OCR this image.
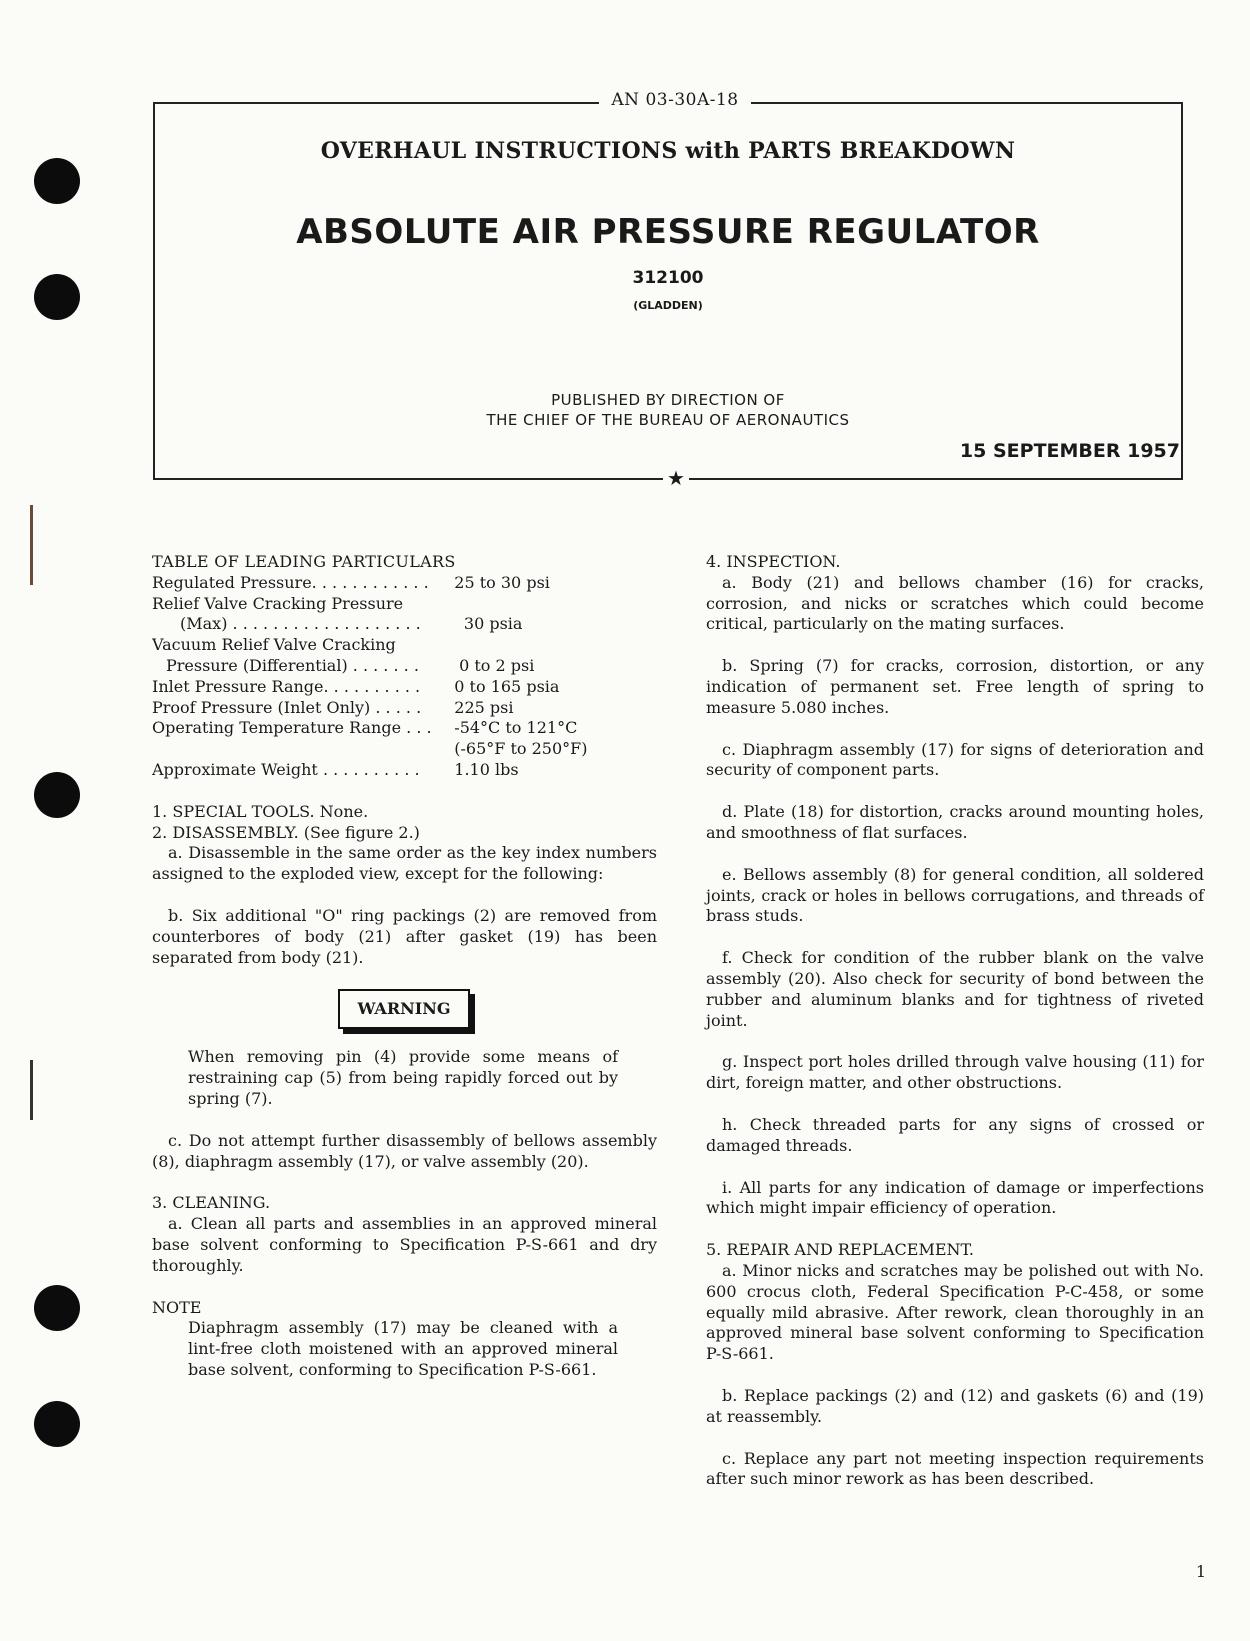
AN 03-30A-18
★
OVERHAUL INSTRUCTIONS with PARTS BREAKDOWN
ABSOLUTE AIR PRESSURE REGULATOR
312100
(GLADDEN)
PUBLISHED BY DIRECTION OF
THE CHIEF OF THE BUREAU OF AERONAUTICS
15 SEPTEMBER 1957

TABLE OF LEADING PARTICULARS

Regulated Pressure. . . . . . . . . . . .	25 to 30 psi
Relief Valve Cracking Pressure
(Max) . . . . . . . . . . . . . . . . . . .	30 psia
Vacuum Relief Valve Cracking
Pressure (Differential) . . . . . . .	0 to 2 psi
Inlet Pressure Range. . . . . . . . . .	0 to 165 psia
Proof Pressure (Inlet Only) . . . . .	225 psi
Operating Temperature Range . . .	-54°C to 121°C
(-65°F to 250°F)
Approximate Weight . . . . . . . . . .	1.10 lbs

1. SPECIAL TOOLS. None.

2. DISASSEMBLY. (See figure 2.)

a. Disassemble in the same order as the key index numbers assigned to the exploded view, except for the following:

b. Six additional "O" ring packings (2) are removed from counterbores of body (21) after gasket (19) has been separated from body (21).

WARNING

When removing pin (4) provide some means of restraining cap (5) from being rapidly forced out by spring (7).

c. Do not attempt further disassembly of bellows assembly (8), diaphragm assembly (17), or valve assembly (20).

3. CLEANING.

a. Clean all parts and assemblies in an approved mineral base solvent conforming to Specification P-S-661 and dry thoroughly.

NOTE

Diaphragm assembly (17) may be cleaned with a lint-free cloth moistened with an approved mineral base solvent, conforming to Specification P-S-661.

4. INSPECTION.

a. Body (21) and bellows chamber (16) for cracks, corrosion, and nicks or scratches which could become critical, particularly on the mating surfaces.

b. Spring (7) for cracks, corrosion, distortion, or any indication of permanent set. Free length of spring to measure 5.080 inches.

c. Diaphragm assembly (17) for signs of deterioration and security of component parts.

d. Plate (18) for distortion, cracks around mounting holes, and smoothness of flat surfaces.

e. Bellows assembly (8) for general condition, all soldered joints, crack or holes in bellows corrugations, and threads of brass studs.

f. Check for condition of the rubber blank on the valve assembly (20). Also check for security of bond between the rubber and aluminum blanks and for tightness of riveted joint.

g. Inspect port holes drilled through valve housing (11) for dirt, foreign matter, and other obstructions.

h. Check threaded parts for any signs of crossed or damaged threads.

i. All parts for any indication of damage or imperfections which might impair efficiency of operation.

5. REPAIR AND REPLACEMENT.

a. Minor nicks and scratches may be polished out with No. 600 crocus cloth, Federal Specification P-C-458, or some equally mild abrasive. After rework, clean thoroughly in an approved mineral base solvent conforming to Specification P-S-661.

b. Replace packings (2) and (12) and gaskets (6) and (19) at reassembly.

c. Replace any part not meeting inspection requirements after such minor rework as has been described.

1
